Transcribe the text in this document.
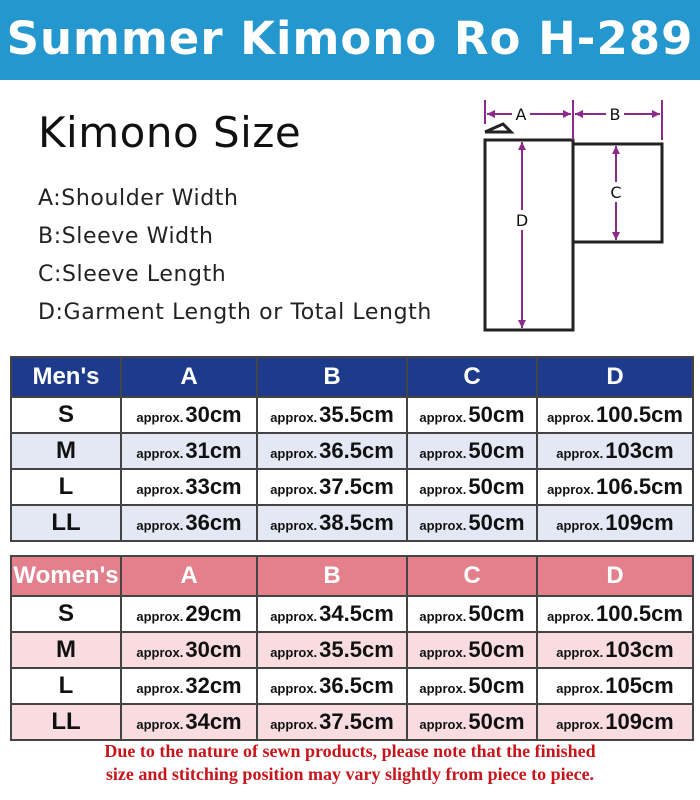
Summer Kimono Ro H-289
Kimono Size
A:Shoulder Width
B:Sleeve Width
C:Sleeve Length
D:Garment Length or Total Length
A	B
C
D
Men's	A	B	C	D
S	approx.30cm	approx.35.5cm	approx.50cm	approx.100.5cm
M	approx.31cm	approx.36.5cm	approx.50cm	approx.103cm
L	approx.33cm	approx.37.5cm	approx.50cm	approx.106.5cm
LL	approx.36cm	approx.38.5cm	approx.50cm	approx.109cm
Women's	A	B	C	D
S	approx.29cm	approx.34.5cm	approx.50cm	approx.100.5cm
M	approx.30cm	approx.35.5cm	approx.50cm	approx.103cm
L	approx.32cm	approx.36.5cm	approx.50cm	approx.105cm
LL	approx.34cm	approx.37.5cm	approx.50cm	approx.109cm
Due to the nature of sewn products, please note that the finished
size and stitching position may vary slightly from piece to piece.
